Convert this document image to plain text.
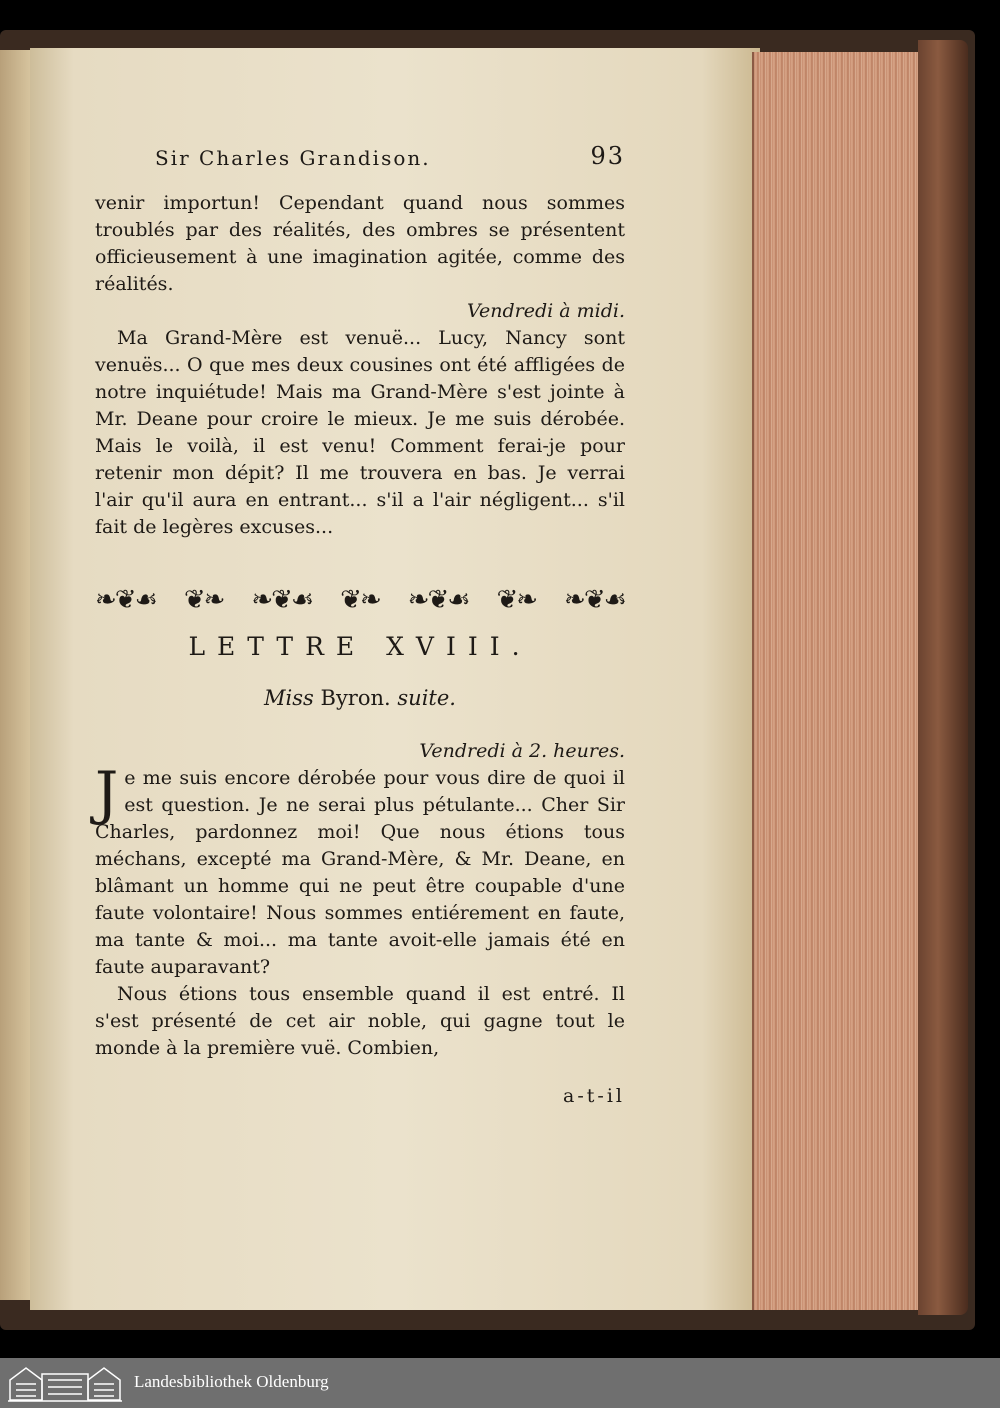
Sir Charles Grandison.	93

venir importun! Cependant quand nous sommes troublés par des réalités, des ombres se présentent officieusement à une imagination agitée, comme des réalités.

Vendredi à midi.

Ma Grand-Mère est venuë... Lucy, Nancy sont venuës... O que mes deux cousines ont été affligées de notre inquiétude! Mais ma Grand-Mère s'est jointe à Mr. Deane pour croire le mieux. Je me suis dérobée. Mais le voilà, il est venu! Comment ferai-je pour retenir mon dépit? Il me trouvera en bas. Je verrai l'air qu'il aura en entrant... s'il a l'air négligent... s'il fait de legères excuses...

❧❦☙ ❦❧ ❧❦☙ ❦❧ ❧❦☙ ❦❧ ❧❦☙
LETTRE XVIII.
Miss Byron. suite.

Vendredi à 2. heures.

J e me suis encore dérobée pour vous dire de quoi il est question. Je ne serai plus pétulante... Cher Sir Charles, pardonnez moi! Que nous étions tous méchans, excepté ma Grand-Mère, & Mr. Deane, en blâmant un homme qui ne peut être coupable d'une faute volontaire! Nous sommes entiérement en faute, ma tante & moi... ma tante avoit-elle jamais été en faute auparavant?

Nous étions tous ensemble quand il est entré. Il s'est présenté de cet air noble, qui gagne tout le monde à la première vuë. Combien,

a-t-il
Landesbibliothek Oldenburg
